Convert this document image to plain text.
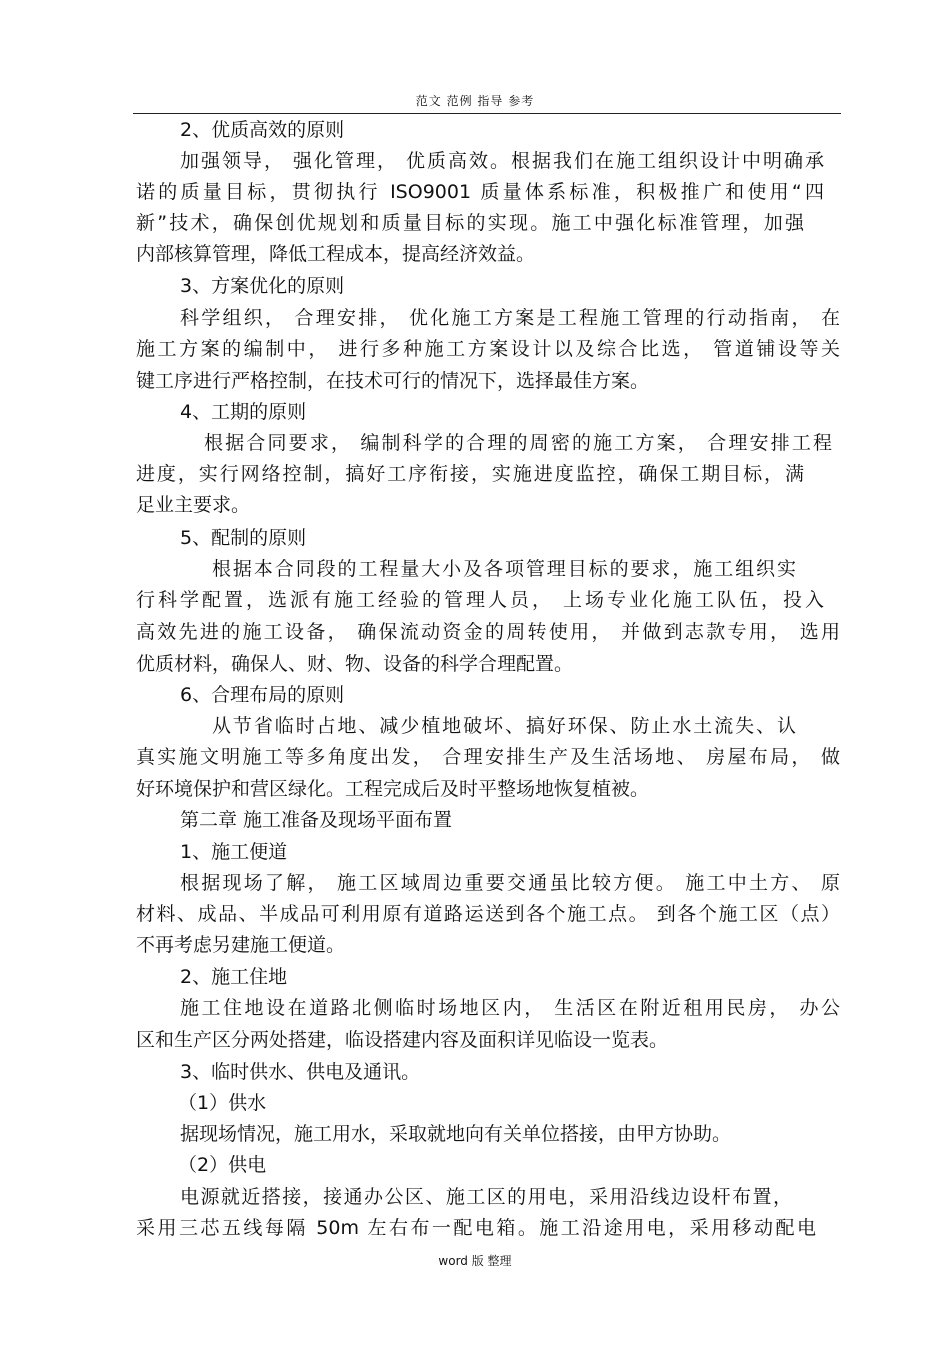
范文 范例 指导 参考
2、优质高效的原则
加强领导， 强化管理， 优质高效。根据我们在施工组织设计中明确承
诺的质量目标，贯彻执行 ISO9001 质量体系标准，积极推广和使用“四
新”技术，确保创优规划和质量目标的实现。施工中强化标准管理，加强
内部核算管理，降低工程成本，提高经济效益。
3、方案优化的原则
科学组织， 合理安排， 优化施工方案是工程施工管理的行动指南， 在
施工方案的编制中， 进行多种施工方案设计以及综合比选， 管道铺设等关
键工序进行严格控制，在技术可行的情况下，选择最佳方案。
4、工期的原则
根据合同要求， 编制科学的合理的周密的施工方案， 合理安排工程
进度，实行网络控制，搞好工序衔接，实施进度监控，确保工期目标，满
足业主要求。
5、配制的原则
根据本合同段的工程量大小及各项管理目标的要求，施工组织实
行科学配置，选派有施工经验的管理人员， 上场专业化施工队伍，投入
高效先进的施工设备， 确保流动资金的周转使用， 并做到志款专用， 选用
优质材料，确保人、财、物、设备的科学合理配置。
6、合理布局的原则
从节省临时占地、减少植地破坏、搞好环保、防止水土流失、认
真实施文明施工等多角度出发， 合理安排生产及生活场地、 房屋布局， 做
好环境保护和营区绿化。工程完成后及时平整场地恢复植被。
第二章 施工准备及现场平面布置
1、施工便道
根据现场了解， 施工区域周边重要交通虽比较方便。 施工中土方、 原
材料、成品、半成品可利用原有道路运送到各个施工点。 到各个施工区（点）
不再考虑另建施工便道。
2、施工住地
施工住地设在道路北侧临时场地区内， 生活区在附近租用民房， 办公
区和生产区分两处搭建，临设搭建内容及面积详见临设一览表。
3、临时供水、供电及通讯。
（1）供水
据现场情况，施工用水，采取就地向有关单位搭接，由甲方协助。
（2）供电
电源就近搭接，接通办公区、施工区的用电，采用沿线边设杆布置，
采用三芯五线每隔 50m 左右布一配电箱。施工沿途用电，采用移动配电
word 版 整理
